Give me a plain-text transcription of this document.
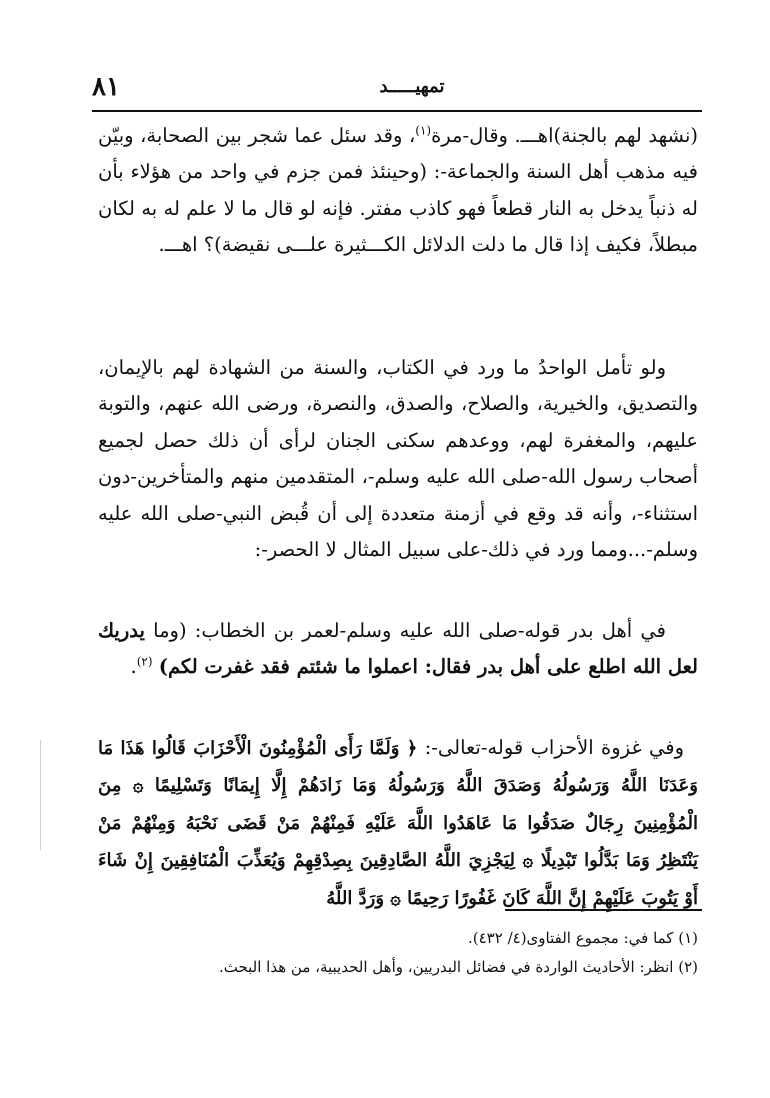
٨١	تمهيـــــد

(نشهد لهم بالجنة)اهـــ. وقال-مرة$^{(١)}$، وقد سئل عما شجر بين الصحابة، وبيّن فيه مذهب أهل السنة والجماعة-: (وحينئذ فمن جزم في واحد من هؤلاء بأن له ذنباً يدخل به النار قطعاً فهو كاذب مفتر. فإنه لو قال ما لا علم له به لكان مبطلاً، فكيف إذا قال ما دلت الدلائل الكـــثيرة علـــى نقيضة)؟ اهـــ.

ولو تأمل الواحدُ ما ورد في الكتاب، والسنة من الشهادة لهم بالإيمان، والتصديق، والخيرية، والصلاح، والصدق، والنصرة، ورضى الله عنهم، والتوبة عليهم، والمغفرة لهم، ووعدهم سكنى الجنان لرأى أن ذلك حصل لجميع أصحاب رسول الله-صلى الله عليه وسلم-، المتقدمين منهم والمتأخرين-دون استثناء-، وأنه قد وقع في أزمنة متعددة إلى أن قُبض النبي-صلى الله عليه وسلم-...ومما ورد في ذلك-على سبيل المثال لا الحصر-:

في أهل بدر قوله-صلى الله عليه وسلم-لعمر بن الخطاب: (وما يدريك لعل الله اطلع على أهل بدر فقال: اعملوا ما شئتم فقد غفرت لكم) $^{(٢)}$.

وفي غزوة الأحزاب قوله-تعالى-: ﴿ وَلَمَّا رَأَى الْمُؤْمِنُونَ الْأَحْزَابَ قَالُوا هَذَا مَا وَعَدَنَا اللَّهُ وَرَسُولُهُ وَصَدَقَ اللَّهُ وَرَسُولُهُ وَمَا زَادَهُمْ إِلَّا إِيمَانًا وَتَسْلِيمًا ۞ مِنَ الْمُؤْمِنِينَ رِجَالٌ صَدَقُوا مَا عَاهَدُوا اللَّهَ عَلَيْهِ فَمِنْهُمْ مَنْ قَضَى نَحْبَهُ وَمِنْهُمْ مَنْ يَنْتَظِرُ وَمَا بَدَّلُوا تَبْدِيلًا ۞ لِيَجْزِيَ اللَّهُ الصَّادِقِينَ بِصِدْقِهِمْ وَيُعَذِّبَ الْمُنَافِقِينَ إِنْ شَاءَ أَوْ يَتُوبَ عَلَيْهِمْ إِنَّ اللَّهَ كَانَ غَفُورًا رَحِيمًا ۞ وَرَدَّ اللَّهُ

(١) كما في: مجموع الفتاوى(٤/ ٤٣٢).

(٢) انظر: الأحاديث الواردة في فضائل البدريين، وأهل الحديبية، من هذا البحث.
